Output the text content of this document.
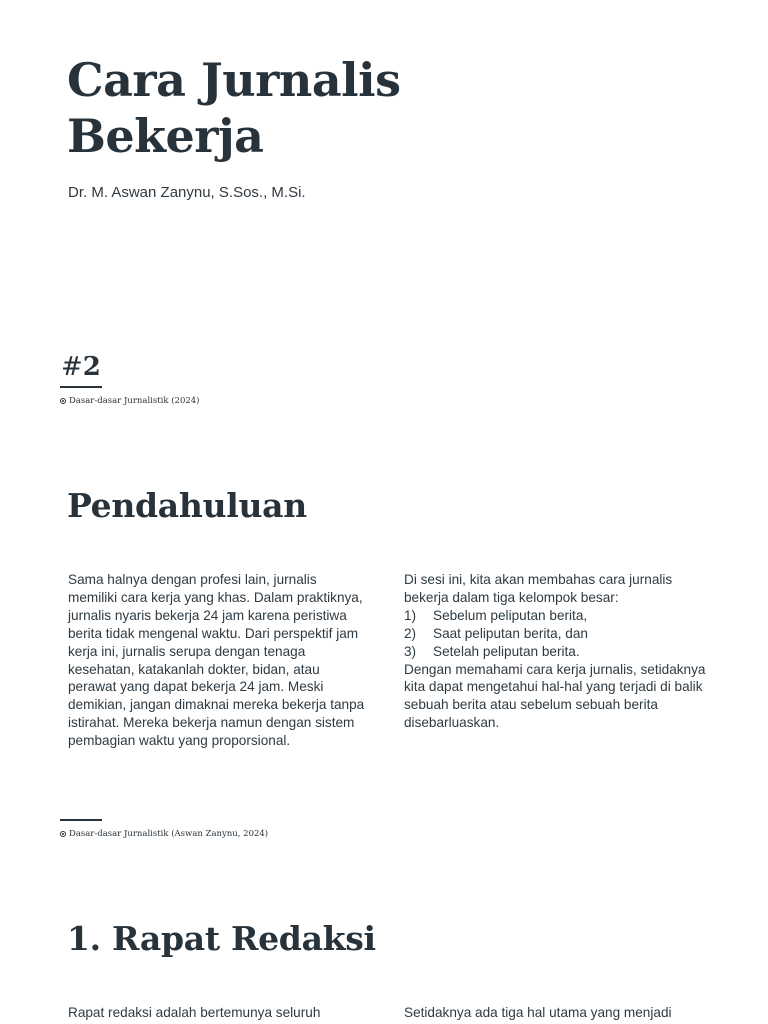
Cara Jurnalis
Bekerja
Dr. M. Aswan Zanynu, S.Sos., M.Si.
#2
Dasar-dasar Jurnalistik (2024)
Pendahuluan

Sama halnya dengan profesi lain, jurnalis memiliki cara kerja yang khas. Dalam praktiknya, jurnalis nyaris bekerja 24 jam karena peristiwa berita tidak mengenal waktu. Dari perspektif jam kerja ini, jurnalis serupa dengan tenaga kesehatan, katakanlah dokter, bidan, atau perawat yang dapat bekerja 24 jam. Meski demikian, jangan dimaknai mereka bekerja tanpa istirahat. Mereka bekerja namun dengan sistem pembagian waktu yang proporsional.

Di sesi ini, kita akan membahas cara jurnalis bekerja dalam tiga kelompok besar:
1)	Sebelum peliputan berita,
2)	Saat peliputan berita, dan
3)	Setelah peliputan berita.
Dengan memahami cara kerja jurnalis, setidaknya kita dapat mengetahui hal-hal yang terjadi di balik sebuah berita atau sebelum sebuah berita disebarluaskan.
Dasar-dasar Jurnalistik (Aswan Zanynu, 2024)
1. Rapat Redaksi

Rapat redaksi adalah bertemunya seluruh	Setidaknya ada tiga hal utama yang menjadi
